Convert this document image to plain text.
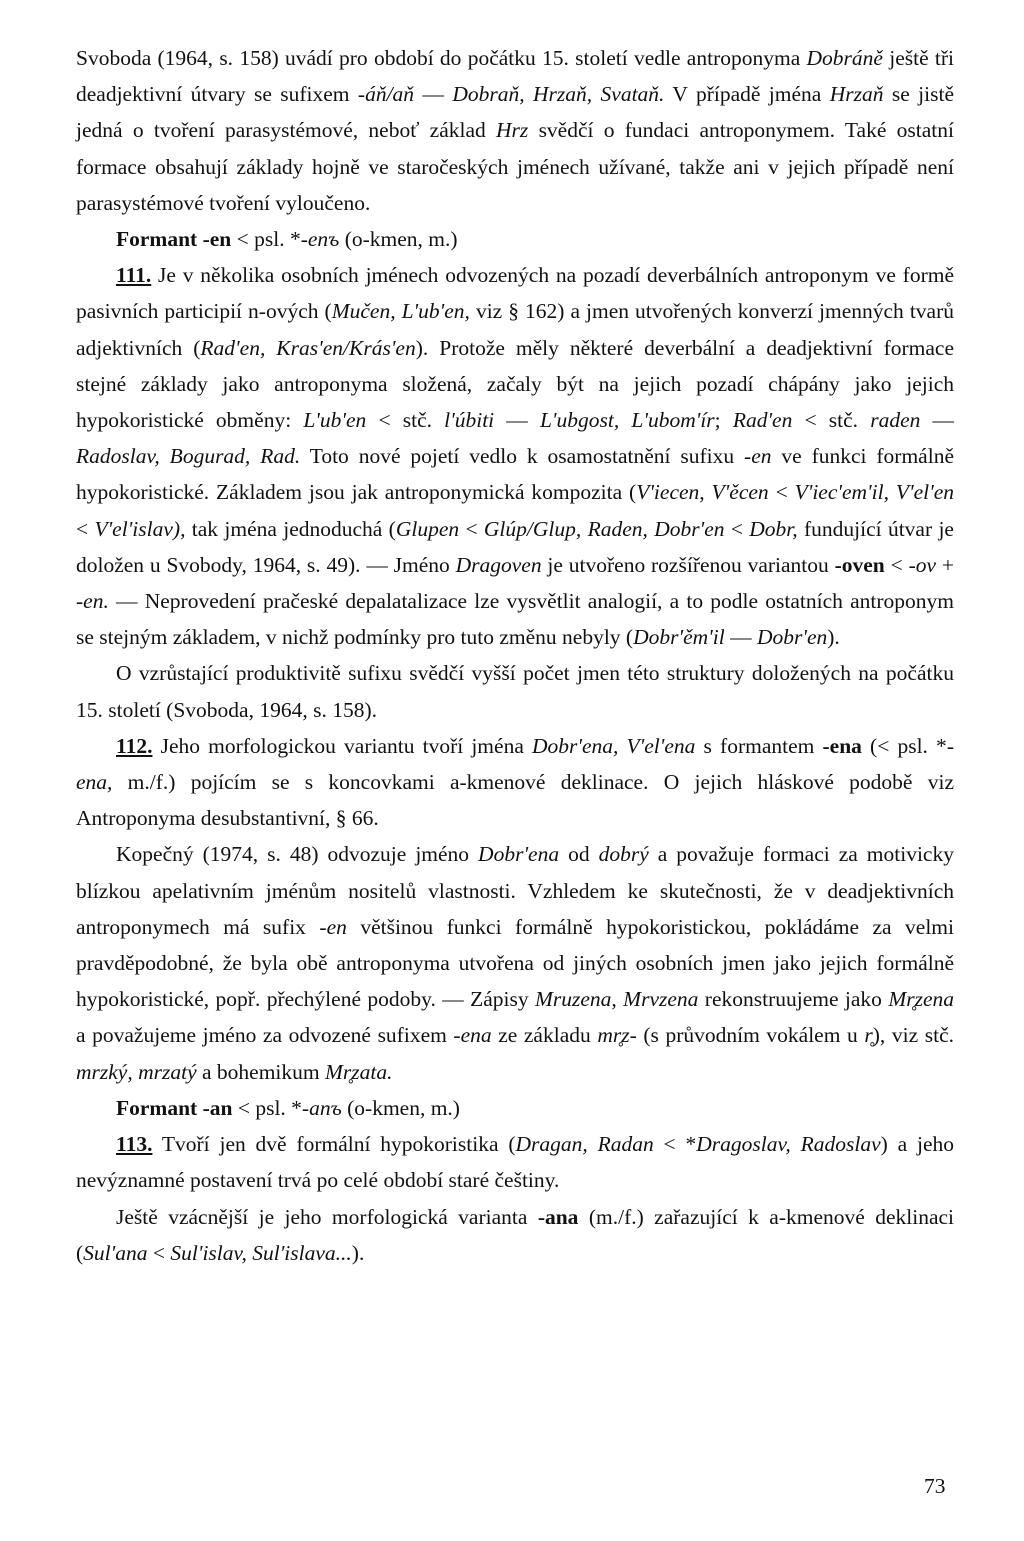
Svoboda (1964, s. 158) uvádí pro období do počátku 15. století vedle antroponyma Dobráně ještě tři deadjektivní útvary se sufixem -áň/aň — Dobraň, Hrzaň, Svataň. V případě jména Hrzaň se jistě jedná o tvoření parasystémové, neboť základ Hrz svědčí o fundaci antroponymem. Také ostatní formace obsahují základy hojně ve staročeských jménech užívané, takže ani v jejich případě není parasystémové tvoření vyloučeno.

Formant -en < psl. *-enъ (o-kmen, m.)

111. Je v několika osobních jménech odvozených na pozadí deverbálních antroponym ve formě pasivních participií n-ových (Mučen, L'ub'en, viz § 162) a jmen utvořených konverzí jmenných tvarů adjektivních (Rad'en, Kras'en/Krás'en). Protože měly některé deverbální a deadjektivní formace stejné základy jako antroponyma složená, začaly být na jejich pozadí chápány jako jejich hypokoristické obměny: L'ub'en < stč. l'úbiti — L'ubgost, L'ubom'ír; Rad'en < stč. raden — Radoslav, Bogurad, Rad. Toto nové pojetí vedlo k osamostatnění sufixu -en ve funkci formálně hypokoristické. Základem jsou jak antroponymická kompozita (V'iecen, V'ěcen < V'iec'em'il, V'el'en < V'el'islav), tak jména jednoduchá (Glupen < Glúp/Glup, Raden, Dobr'en < Dobr, fundující útvar je doložen u Svobody, 1964, s. 49). — Jméno Dragoven je utvořeno rozšířenou variantou -oven < -ov + -en. — Neprovedení pračeské depalatalizace lze vysvětlit analogií, a to podle ostatních antroponym se stejným základem, v nichž podmínky pro tuto změnu nebyly (Dobr'ěm'il — Dobr'en).

O vzrůstající produktivitě sufixu svědčí vyšší počet jmen této struktury doložených na počátku 15. století (Svoboda, 1964, s. 158).

112. Jeho morfologickou variantu tvoří jména Dobr'ena, V'el'ena s formantem -ena (< psl. *-ena, m./f.) pojícím se s koncovkami a-kmenové deklinace. O jejich hláskové podobě viz Antroponyma desubstantivní, § 66.

Kopečný (1974, s. 48) odvozuje jméno Dobr'ena od dobrý a považuje formaci za motivicky blízkou apelativním jménům nositelů vlastnosti. Vzhledem ke skutečnosti, že v deadjektivních antroponymech má sufix -en většinou funkci formálně hypokoristickou, pokládáme za velmi pravděpodobné, že byla obě antroponyma utvořena od jiných osobních jmen jako jejich formálně hypokoristické, popř. přechýlené podoby. — Zápisy Mruzena, Mrvzena rekonstruujeme jako Mr̥zena a považujeme jméno za odvozené sufixem -ena ze základu mr̥z- (s průvodním vokálem u r̥), viz stč. mrzký, mrzatý a bohemikum Mr̥zata.

Formant -an < psl. *-anъ (o-kmen, m.)

113. Tvoří jen dvě formální hypokoristika (Dragan, Radan < *Dragoslav, Radoslav) a jeho nevýznamné postavení trvá po celé období staré češtiny.

Ještě vzácnější je jeho morfologická varianta -ana (m./f.) zařazující k a-kmenové deklinaci (Sul'ana < Sul'islav, Sul'islava...).

73
